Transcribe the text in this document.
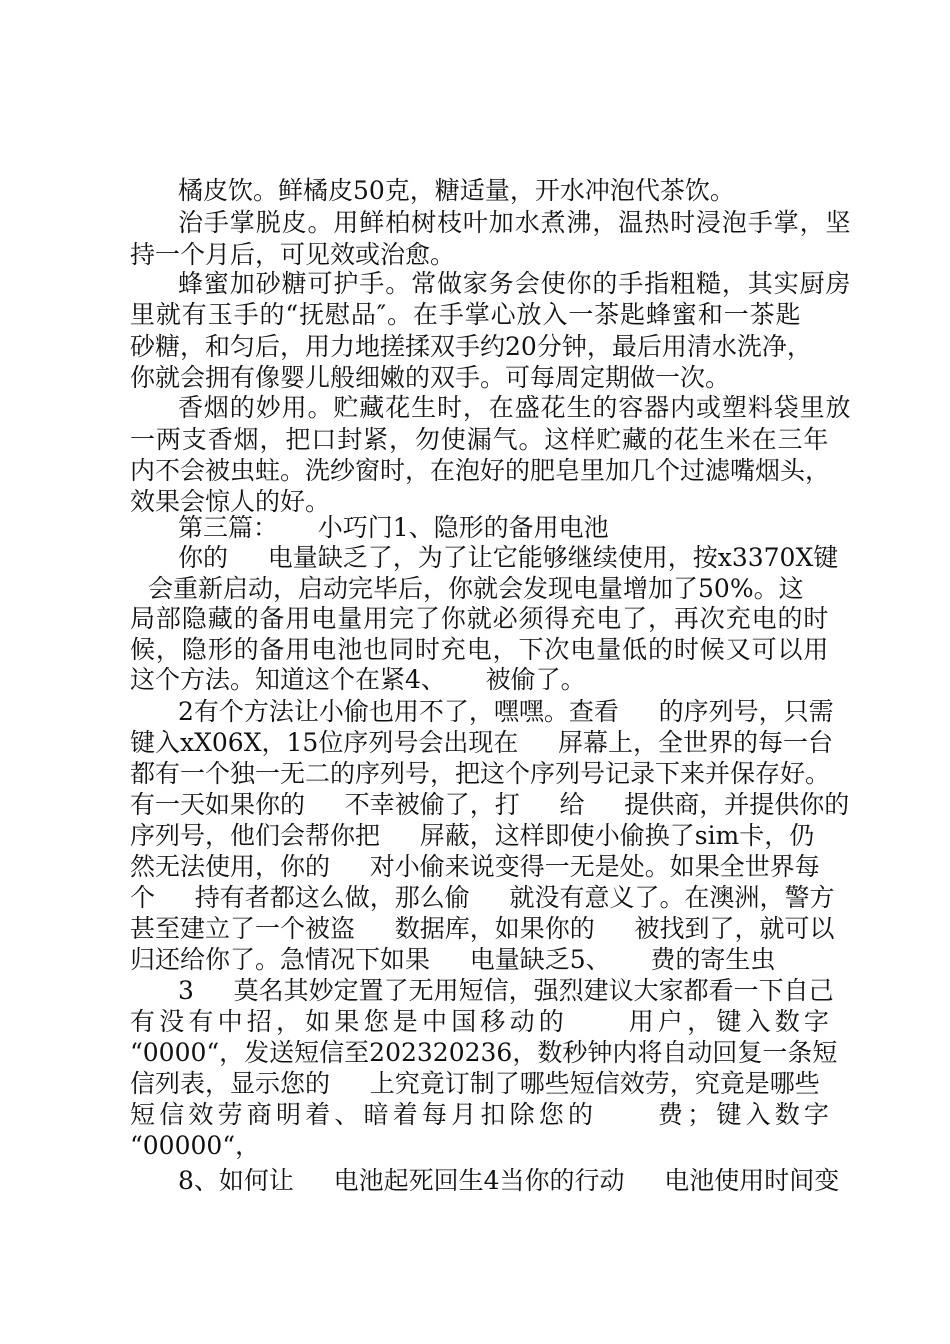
橘皮饮。鲜橘皮50克，糖适量，开水冲泡代茶饮。
治手掌脱皮。用鲜柏树枝叶加水煮沸，温热时浸泡手掌，坚
持一个月后，可见效或治愈。
蜂蜜加砂糖可护手。常做家务会使你的手指粗糙，其实厨房
里就有玉手的“抚慰品″。在手掌心放入一茶匙蜂蜜和一茶匙
砂糖，和匀后，用力地搓揉双手约20分钟，最后用清水洗净，
你就会拥有像婴儿般细嫩的双手。可每周定期做一次。
香烟的妙用。贮藏花生时，在盛花生的容器内或塑料袋里放
一两支香烟，把口封紧，勿使漏气。这样贮藏的花生米在三年
内不会被虫蛀。洗纱窗时，在泡好的肥皂里加几个过滤嘴烟头，
效果会惊人的好。
第三篇：     小巧门1、隐形的备用电池
你的     电量缺乏了，为了让它能够继续使用，按x3370X键
会重新启动，启动完毕后，你就会发现电量增加了50%。这
局部隐藏的备用电量用完了你就必须得充电了，再次充电的时
候，隐形的备用电池也同时充电，下次电量低的时候又可以用
这个方法。知道这个在紧4、     被偷了。
2有个方法让小偷也用不了，嘿嘿。查看     的序列号，只需
键入xX06X，15位序列号会出现在     屏幕上，全世界的每一台
都有一个独一无二的序列号，把这个序列号记录下来并保存好。
有一天如果你的     不幸被偷了，打     给     提供商，并提供你的
序列号，他们会帮你把     屏蔽，这样即使小偷换了sim卡，仍
然无法使用，你的     对小偷来说变得一无是处。如果全世界每
个     持有者都这么做，那么偷     就没有意义了。在澳洲，警方
甚至建立了一个被盗     数据库，如果你的     被找到了，就可以
归还给你了。急情况下如果     电量缺乏5、     费的寄生虫
3     莫名其妙定置了无用短信，强烈建议大家都看一下自己
有没有中招，如果您是中国移动的     用户，键入数字
“0000“，发送短信至202320236，数秒钟内将自动回复一条短
信列表，显示您的     上究竟订制了哪些短信效劳，究竟是哪些
短信效劳商明着、暗着每月扣除您的     费；键入数字
“00000“，
8、如何让     电池起死回生4当你的行动     电池使用时间变
